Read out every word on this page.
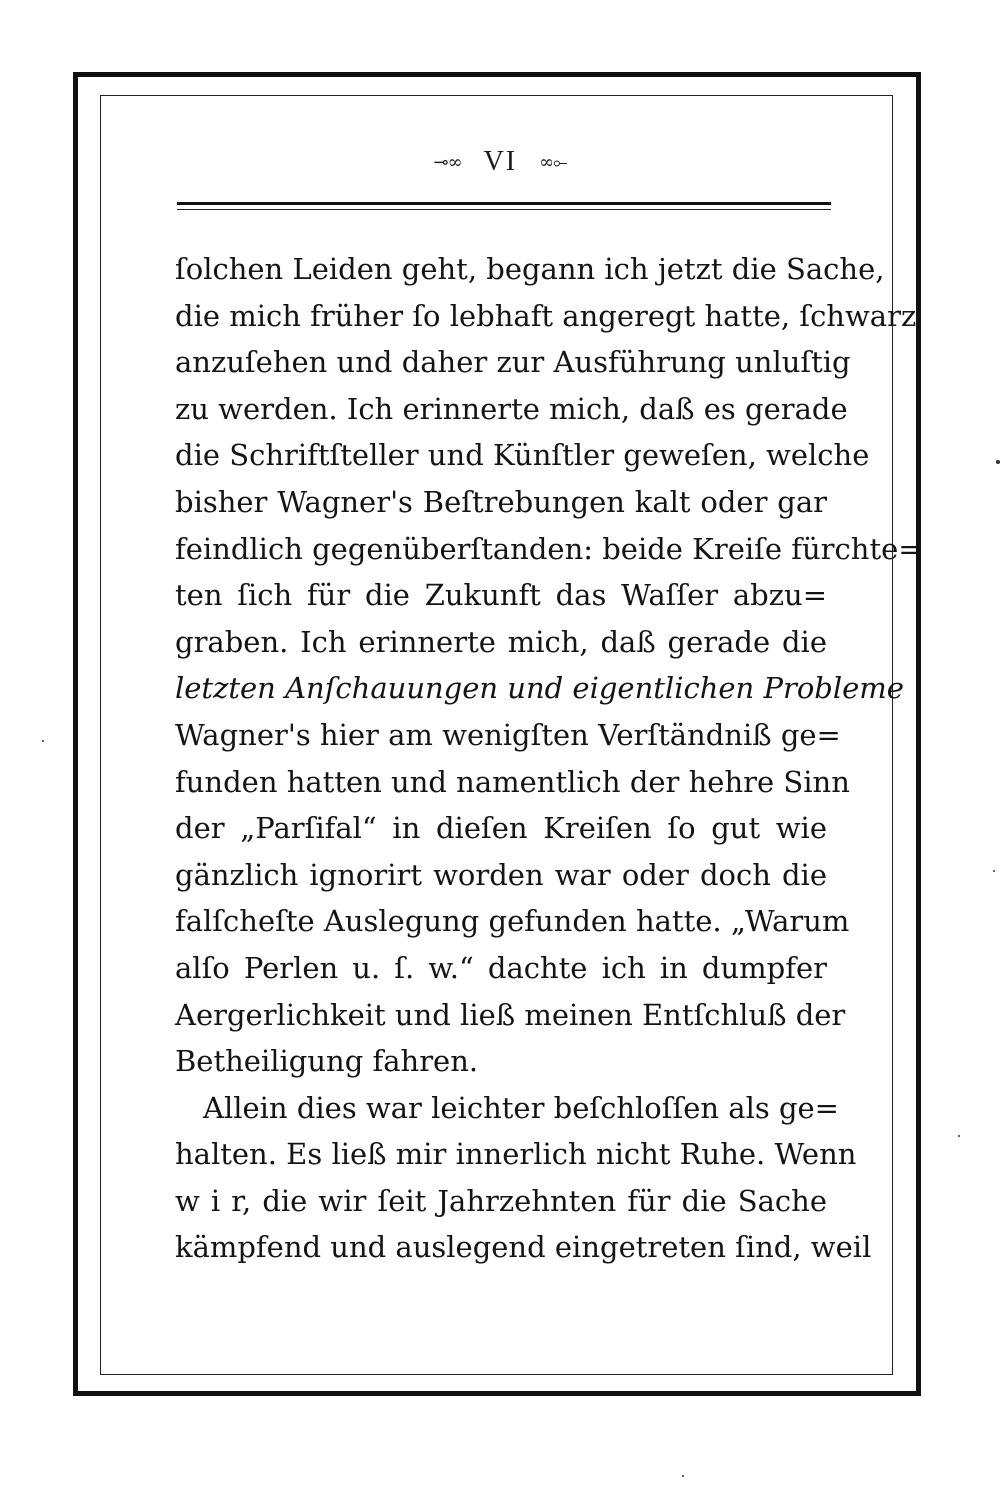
⊸∞ VI ∞⟜
ſolchen Leiden geht, begann ich jetzt die Sache,
die mich früher ſo lebhaft angeregt hatte, ſchwarz
anzuſehen und daher zur Ausführung unluſtig
zu werden. Ich erinnerte mich, daß es gerade
die Schriftſteller und Künſtler geweſen, welche
bisher Wagner's Beſtrebungen kalt oder gar
feindlich gegenüberſtanden: beide Kreiſe fürchte=
ten ſich für die Zukunft das Waſſer abzu=
graben. Ich erinnerte mich, daß gerade die
letzten Anſchauungen und eigentlichen Probleme
Wagner's hier am wenigſten Verſtändniß ge=
funden hatten und namentlich der hehre Sinn
der „Parſifal“ in dieſen Kreiſen ſo gut wie
gänzlich ignorirt worden war oder doch die
falſcheſte Auslegung gefunden hatte. „Warum
alſo Perlen u. ſ. w.“ dachte ich in dumpfer
Aergerlichkeit und ließ meinen Entſchluß der
Betheiligung fahren.
Allein dies war leichter beſchloſſen als ge=
halten. Es ließ mir innerlich nicht Ruhe. Wenn
w i r, die wir ſeit Jahrzehnten für die Sache
kämpfend und auslegend eingetreten ſind, weil
